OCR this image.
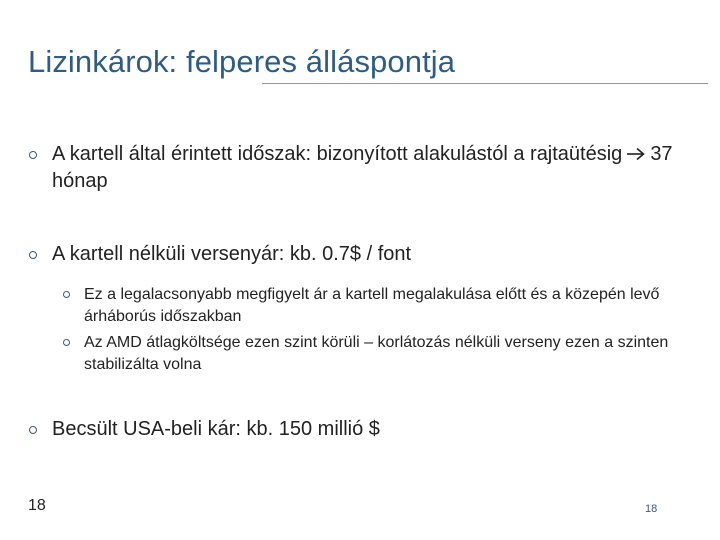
Lizinkárok: felperes álláspontja
A kartell által érintett időszak: bizonyított alakulástól a rajtaütésig 37 hónap
A kartell nélküli versenyár: kb. 0.7$ / font
Ez a legalacsonyabb megfigyelt ár a kartell megalakulása előtt és a közepén levő árháborús időszakban
Az AMD átlagköltsége ezen szint körüli – korlátozás nélküli verseny ezen a szinten stabilizálta volna
Becsült USA-beli kár: kb. 150 millió $
18	18
